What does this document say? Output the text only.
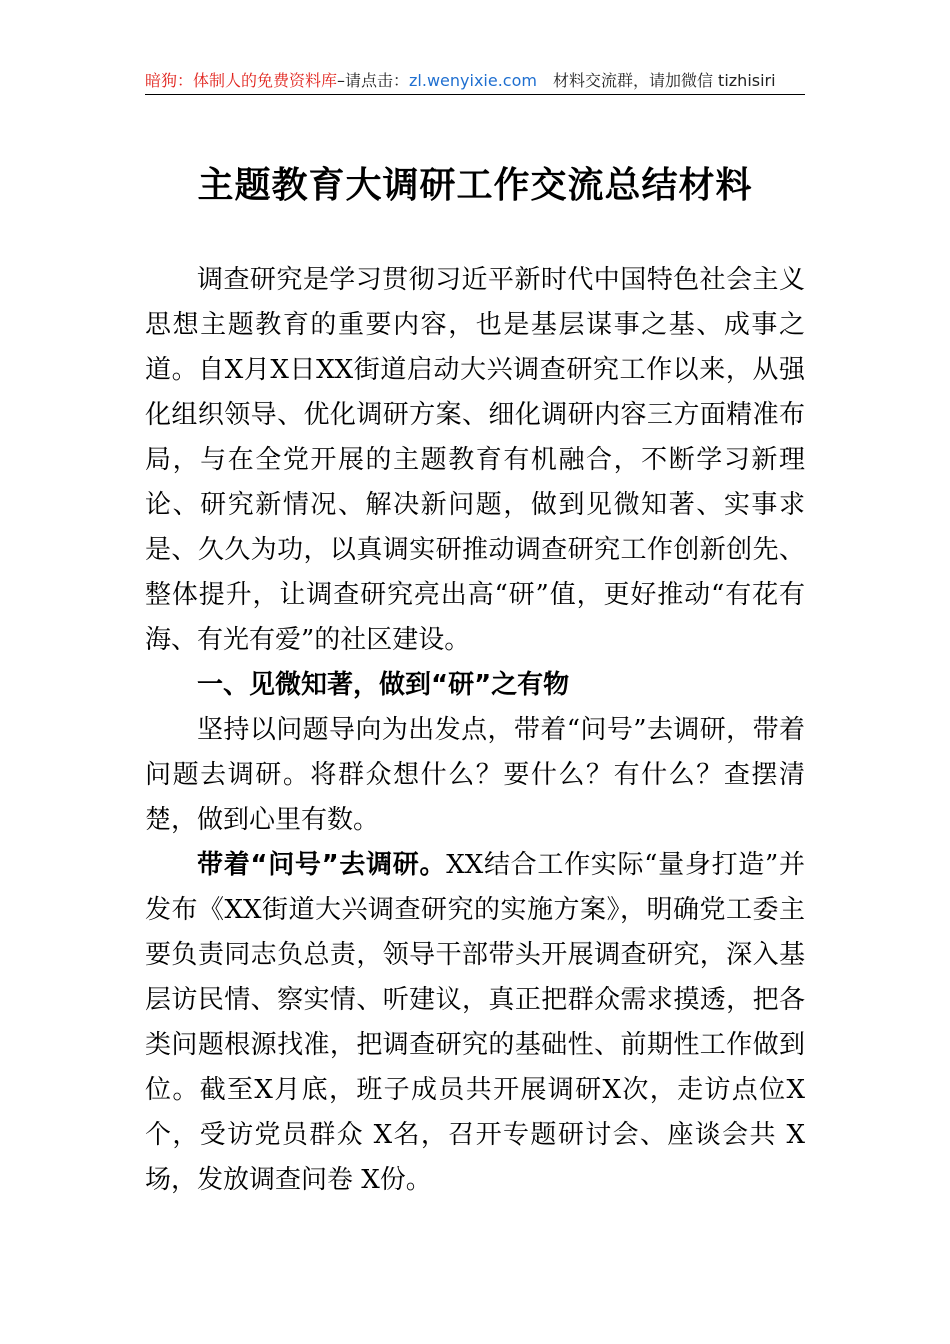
暗狗：体制人的免费资料库–请点击：zl.wenyixie.com 材料交流群，请加微信 tizhisiri
主题教育大调研工作交流总结材料

调查研究是学习贯彻习近平新时代中国特色社会主义思想主题教育的重要内容，也是基层谋事之基、成事之道。自X月X日XX街道启动大兴调查研究工作以来，从强化组织领导、优化调研方案、细化调研内容三方面精准布局，与在全党开展的主题教育有机融合，不断学习新理论、研究新情况、解决新问题，做到见微知著、实事求是、久久为功，以真调实研推动调查研究工作创新创先、整体提升，让调查研究亮出高“研”值，更好推动“有花有海、有光有爱”的社区建设。

一、见微知著，做到“研”之有物

坚持以问题导向为出发点，带着“问号”去调研，带着问题去调研。将群众想什么？要什么？有什么？查摆清楚，做到心里有数。

带着“问号”去调研。XX结合工作实际“量身打造”并发布《XX街道大兴调查研究的实施方案》，明确党工委主要负责同志负总责，领导干部带头开展调查研究，深入基层访民情、察实情、听建议，真正把群众需求摸透，把各类问题根源找准，把调查研究的基础性、前期性工作做到位。截至X月底，班子成员共开展调研X次，走访点位X个，受访党员群众 X名，召开专题研讨会、座谈会共 X场，发放调查问卷 X份。
